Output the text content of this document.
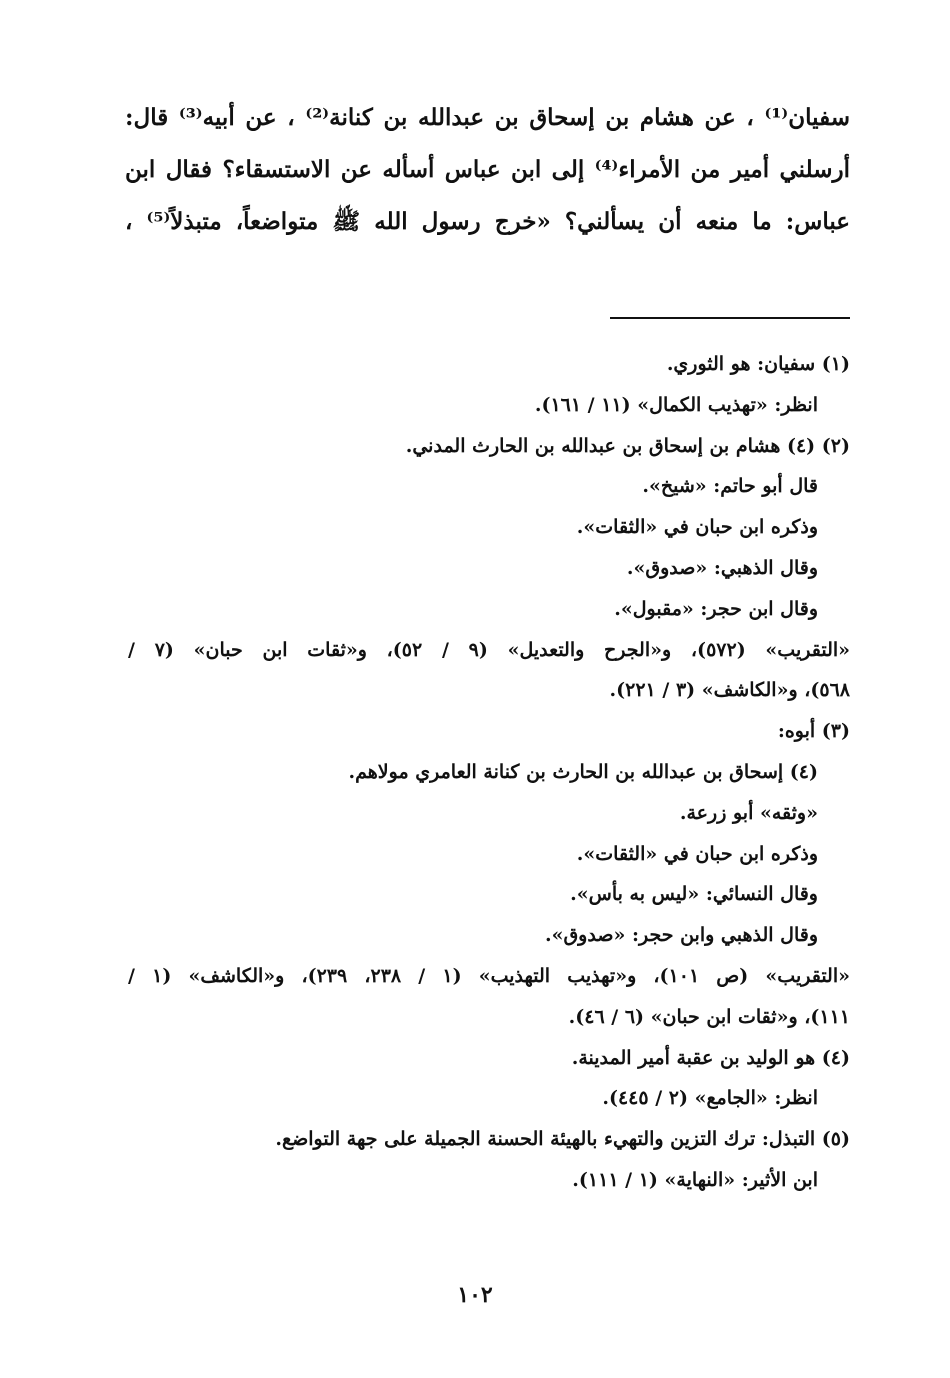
سفيان⁽¹⁾ ، عن هشام بن إسحاق بن عبدالله بن كنانة⁽²⁾ ، عن أبيه⁽³⁾ قال:
أرسلني أمير من الأمراء⁽⁴⁾ إلى ابن عباس أسأله عن الاستسقاء؟ فقال ابن
عباس: ما منعه أن يسألني؟ «خرج رسول الله ﷺ متواضعاً، متبذلاً⁽⁵⁾ ،
(١) سفيان: هو الثوري.
انظر: «تهذيب الكمال» (١١ / ١٦١).
(٢) (٤) هشام بن إسحاق بن عبدالله بن الحارث المدني.
قال أبو حاتم: «شيخ».
وذكره ابن حبان في «الثقات».
وقال الذهبي: «صدوق».
وقال ابن حجر: «مقبول».
«التقريب» (٥٧٢)، و«الجرح والتعديل» (٩ / ٥٢)، و«ثقات ابن حبان» (٧ /
٥٦٨)، و«الكاشف» (٣ / ٢٢١).
(٣) أبوه:
(٤) إسحاق بن عبدالله بن الحارث بن كنانة العامري مولاهم.
«وثقه» أبو زرعة.
وذكره ابن حبان في «الثقات».
وقال النسائي: «ليس به بأس».
وقال الذهبي وابن حجر: «صدوق».
«التقريب» (ص ١٠١)، و«تهذيب التهذيب» (١ / ٢٣٨، ٢٣٩)، و«الكاشف» (١ /
١١١)، و«ثقات ابن حبان» (٦ / ٤٦).
(٤) هو الوليد بن عقبة أمير المدينة.
انظر: «الجامع» (٢ / ٤٤٥).
(٥) التبذل: ترك التزين والتهيء بالهيئة الحسنة الجميلة على جهة التواضع.
ابن الأثير: «النهاية» (١ / ١١١).
١٠٢
